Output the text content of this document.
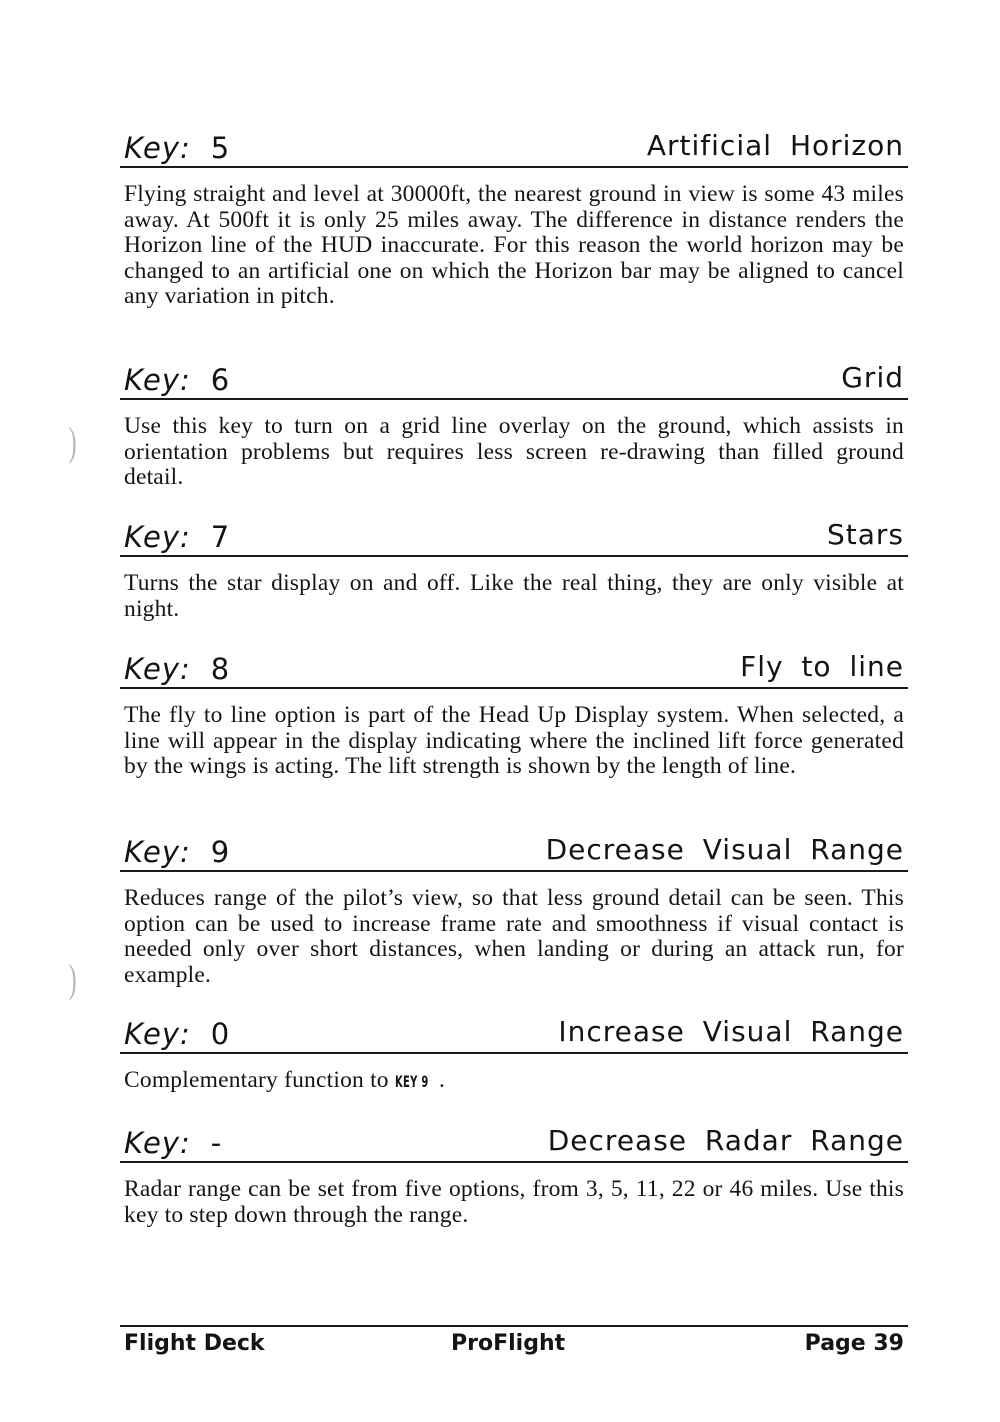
)
)
Key: 5	Artificial Horizon
Flying straight and level at 30000ft, the nearest ground in view is some 43 miles away. At 500ft it is only 25 miles away. The difference in distance renders the Horizon line of the HUD inaccurate. For this reason the world horizon may be changed to an artificial one on which the Horizon bar may be aligned to cancel any variation in pitch.
Key: 6	Grid
Use this key to turn on a grid line overlay on the ground, which assists in orientation problems but requires less screen re-drawing than filled ground detail.
Key: 7	Stars
Turns the star display on and off. Like the real thing, they are only visible at night.
Key: 8	Fly to line
The fly to line option is part of the Head Up Display system. When selected, a line will appear in the display indicating where the inclined lift force generated by the wings is acting. The lift strength is shown by the length of line.
Key: 9	Decrease Visual Range
Reduces range of the pilot’s view, so that less ground detail can be seen. This option can be used to increase frame rate and smoothness if visual contact is needed only over short distances, when landing or during an attack run, for example.
Key: 0	Increase Visual Range
Complementary function to KEY 9 .
Key: -	Decrease Radar Range
Radar range can be set from five options, from 3, 5, 11, 22 or 46 miles. Use this key to step down through the range.
Flight Deck	ProFlight	Page 39
